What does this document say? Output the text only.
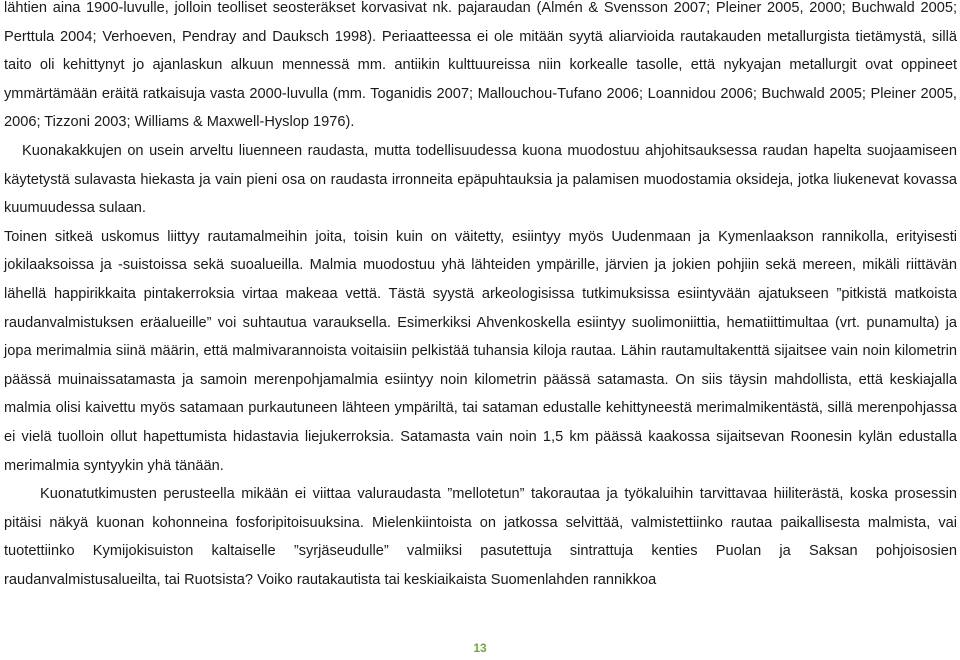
lähtien aina 1900-luvulle, jolloin teolliset seosteräkset korvasivat nk. pajaraudan (Almén & Svensson 2007; Pleiner 2005, 2000; Buchwald 2005; Perttula 2004; Verhoeven, Pendray and Dauksch 1998). Periaatteessa ei ole mitään syytä aliarvioida rautakauden metallurgista tietämystä, sillä taito oli kehittynyt jo ajanlaskun alkuun mennessä mm. antiikin kulttuureissa niin korkealle tasolle, että nykyajan metallurgit ovat oppineet ymmärtämään eräitä ratkaisuja vasta 2000-luvulla (mm. Toganidis 2007; Mallouchou-Tufano 2006; Loannidou 2006; Buchwald 2005; Pleiner 2005, 2006; Tizzoni 2003; Williams & Maxwell-Hyslop 1976).

Kuonakakkujen on usein arveltu liuenneen raudasta, mutta todellisuudessa kuona muodostuu ahjohitsauksessa raudan hapelta suojaamiseen käytetystä sulavasta hiekasta ja vain pieni osa on raudasta irronneita epäpuhtauksia ja palamisen muodostamia oksideja, jotka liukenevat kovassa kuumuudessa sulaan.

Toinen sitkeä uskomus liittyy rautamalmeihin joita, toisin kuin on väitetty, esiintyy myös Uudenmaan ja Kymenlaakson rannikolla, erityisesti jokilaaksoissa ja -suistoissa sekä suoalueilla. Malmia muodostuu yhä lähteiden ympärille, järvien ja jokien pohjiin sekä mereen, mikäli riittävän lähellä happirikkaita pintakerroksia virtaa makeaa vettä. Tästä syystä arkeologisissa tutkimuksissa esiintyvään ajatukseen ”pitkistä matkoista raudanvalmistuksen eräalueille” voi suhtautua varauksella. Esimerkiksi Ahvenkoskella esiintyy suolimoniittia, hematiittimultaa (vrt. punamulta) ja jopa merimalmia siinä määrin, että malmivarannoista voitaisiin pelkistää tuhansia kiloja rautaa. Lähin rautamultakenttä sijaitsee vain noin kilometrin päässä muinaissatamasta ja samoin merenpohjamalmia esiintyy noin kilometrin päässä satamasta. On siis täysin mahdollista, että keskiajalla malmia olisi kaivettu myös satamaan purkautuneen lähteen ympäriltä, tai sataman edustalle kehittyneestä merimalmikentästä, sillä merenpohjassa ei vielä tuolloin ollut hapettumista hidastavia liejukerroksia. Satamasta vain noin 1,5 km päässä kaakossa sijaitsevan Roonesin kylän edustalla merimalmia syntyykin yhä tänään.

Kuonatutkimusten perusteella mikään ei viittaa valuraudasta ”mellotetun” takorautaa ja työkaluihin tarvittavaa hiiliterästä, koska prosessin pitäisi näkyä kuonan kohonneina fosforipitoisuuksina. Mielenkiintoista on jatkossa selvittää, valmistettiinko rautaa paikallisesta malmista, vai tuotettiinko Kymijokisuiston kaltaiselle ”syrjäseudulle” valmiiksi pasutettuja sintrattuja kenties Puolan ja Saksan pohjoisosien raudanvalmistusalueilta, tai Ruotsista? Voiko rautakautista tai keskiaikaista Suomenlahden rannikkoa

13
